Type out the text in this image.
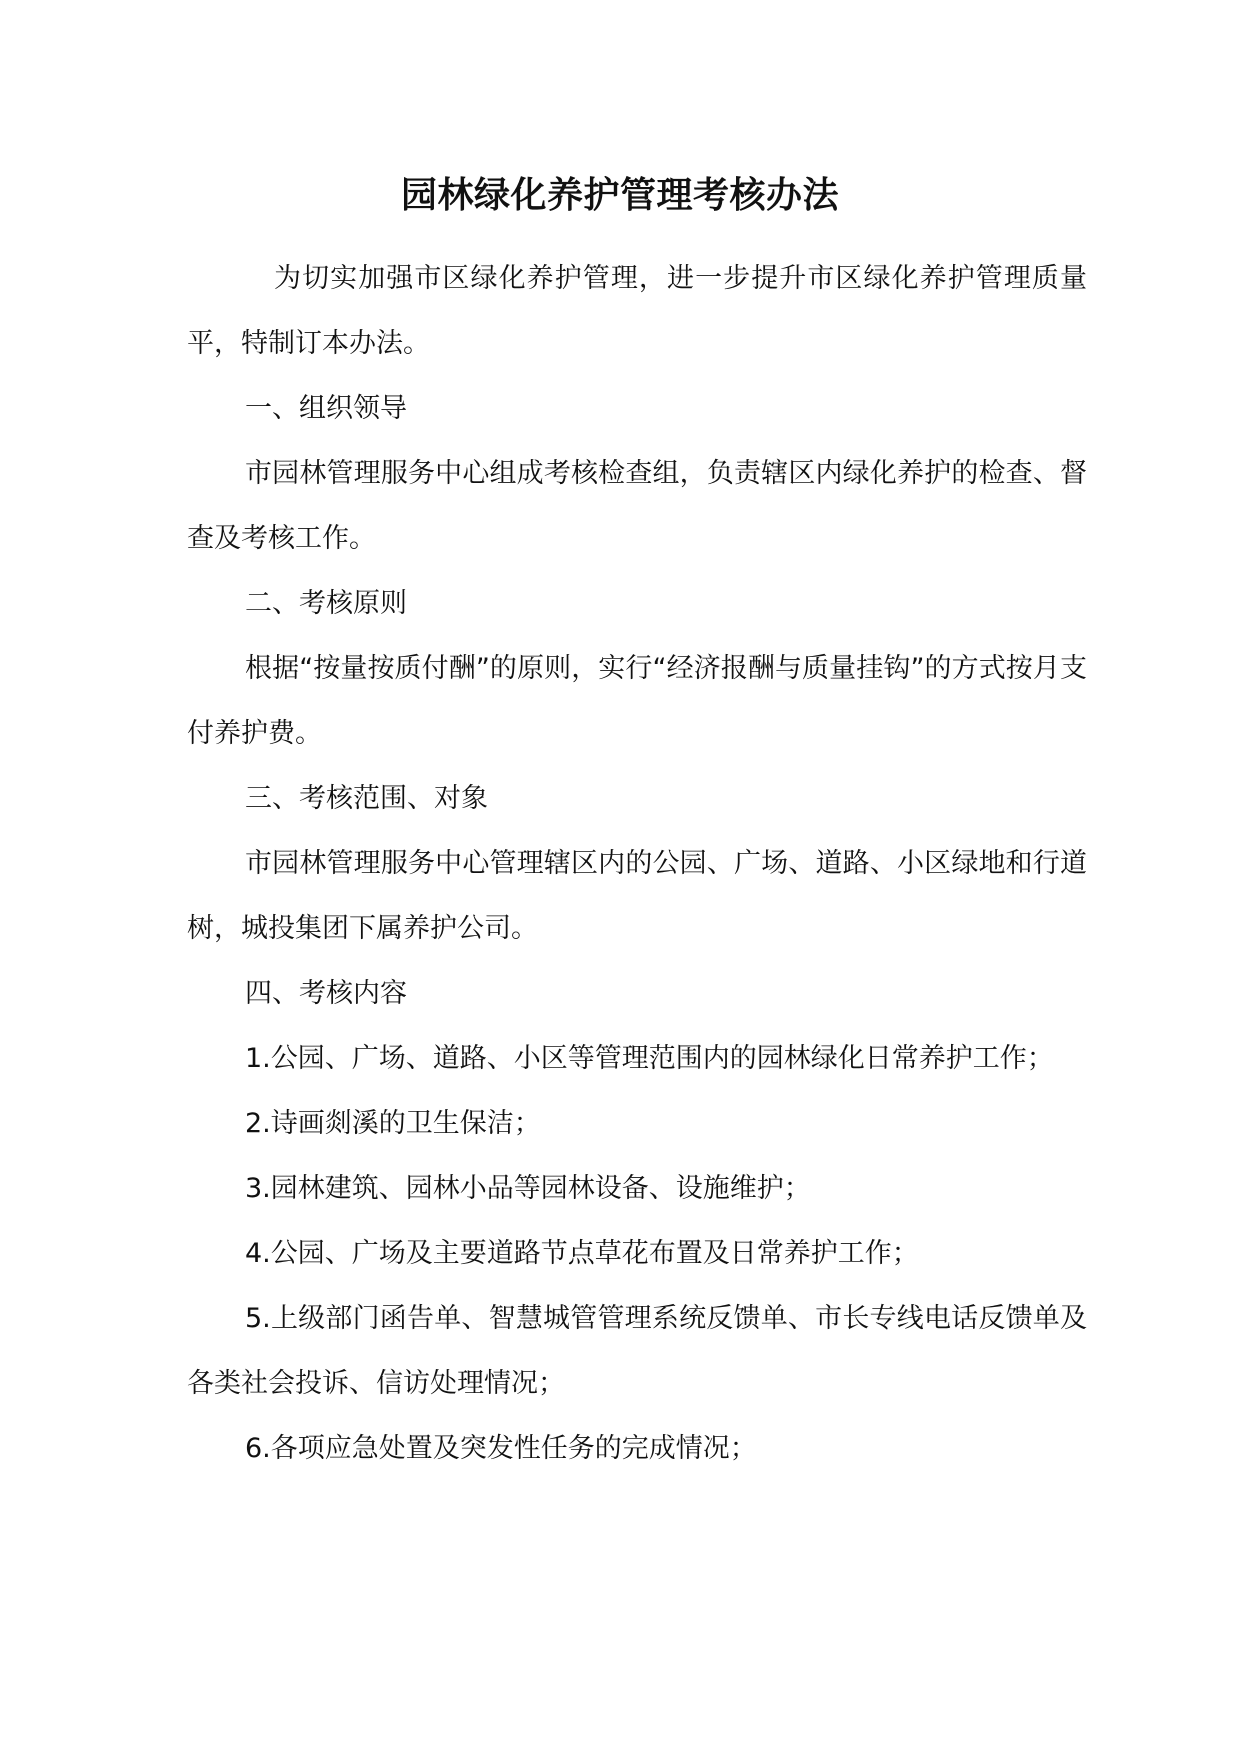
园林绿化养护管理考核办法

为切实加强市区绿化养护管理，进一步提升市区绿化养护管理质量平，特制订本办法。

一、组织领导

市园林管理服务中心组成考核检查组，负责辖区内绿化养护的检查、督查及考核工作。

二、考核原则

根据“按量按质付酬”的原则，实行“经济报酬与质量挂钩”的方式按月支付养护费。

三、考核范围、对象

市园林管理服务中心管理辖区内的公园、广场、道路、小区绿地和行道树，城投集团下属养护公司。

四、考核内容

1.公园、广场、道路、小区等管理范围内的园林绿化日常养护工作；

2.诗画剡溪的卫生保洁；

3.园林建筑、园林小品等园林设备、设施维护；

4.公园、广场及主要道路节点草花布置及日常养护工作；

5.上级部门函告单、智慧城管管理系统反馈单、市长专线电话反馈单及各类社会投诉、信访处理情况；

6.各项应急处置及突发性任务的完成情况；
